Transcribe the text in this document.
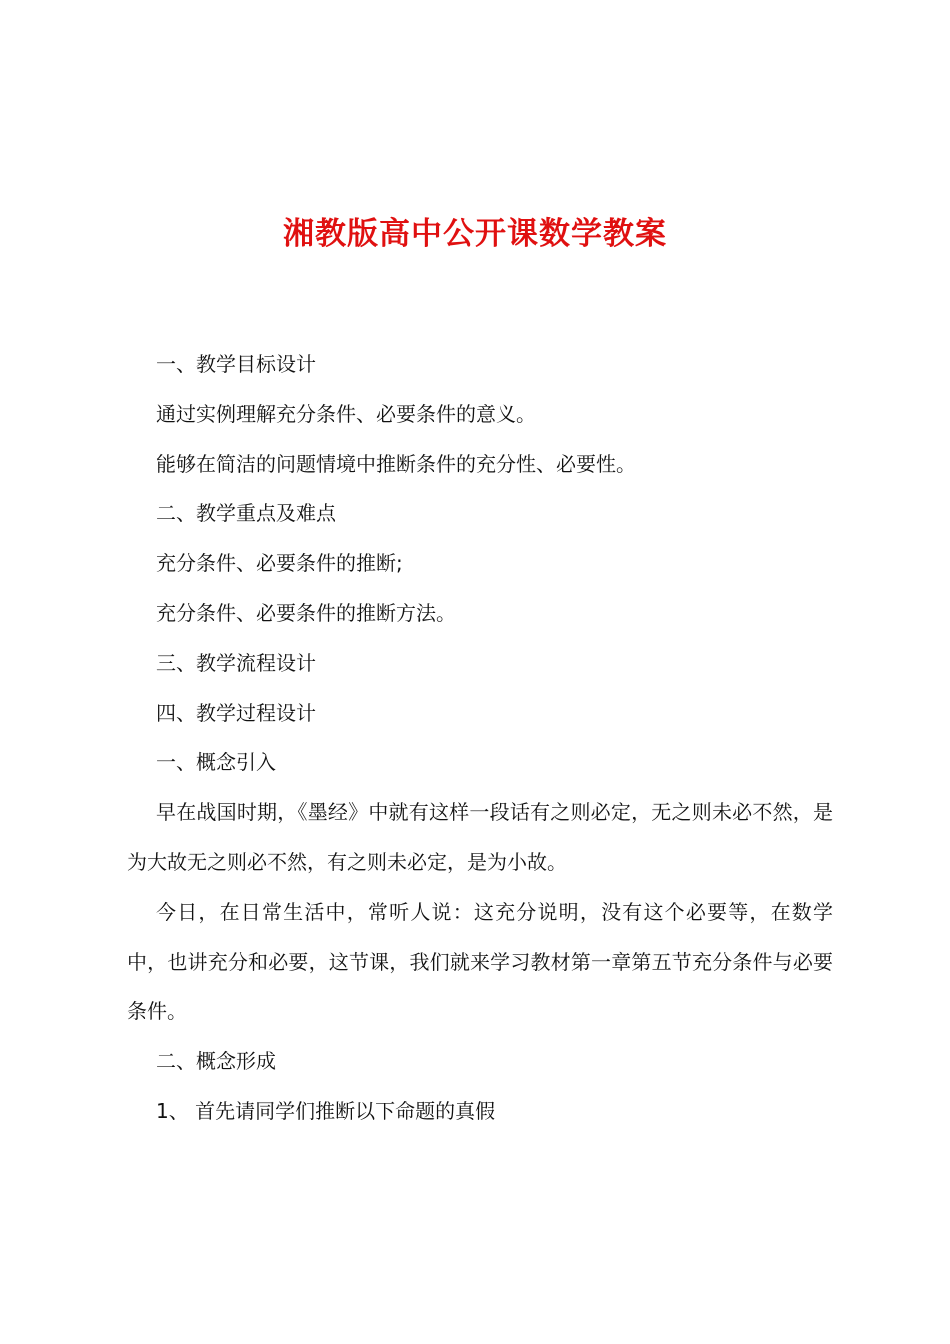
湘教版高中公开课数学教案

一、教学目标设计

通过实例理解充分条件、必要条件的意义。

能够在简洁的问题情境中推断条件的充分性、必要性。

二、教学重点及难点

充分条件、必要条件的推断;

充分条件、必要条件的推断方法。

三、教学流程设计

四、教学过程设计

一、概念引入

早在战国时期，《墨经》中就有这样一段话有之则必定，无之则未必不然，是为大故无之则必不然，有之则未必定，是为小故。

今日，在日常生活中，常听人说：这充分说明，没有这个必要等，在数学中，也讲充分和必要，这节课，我们就来学习教材第一章第五节充分条件与必要条件。

二、概念形成

1、 首先请同学们推断以下命题的真假
